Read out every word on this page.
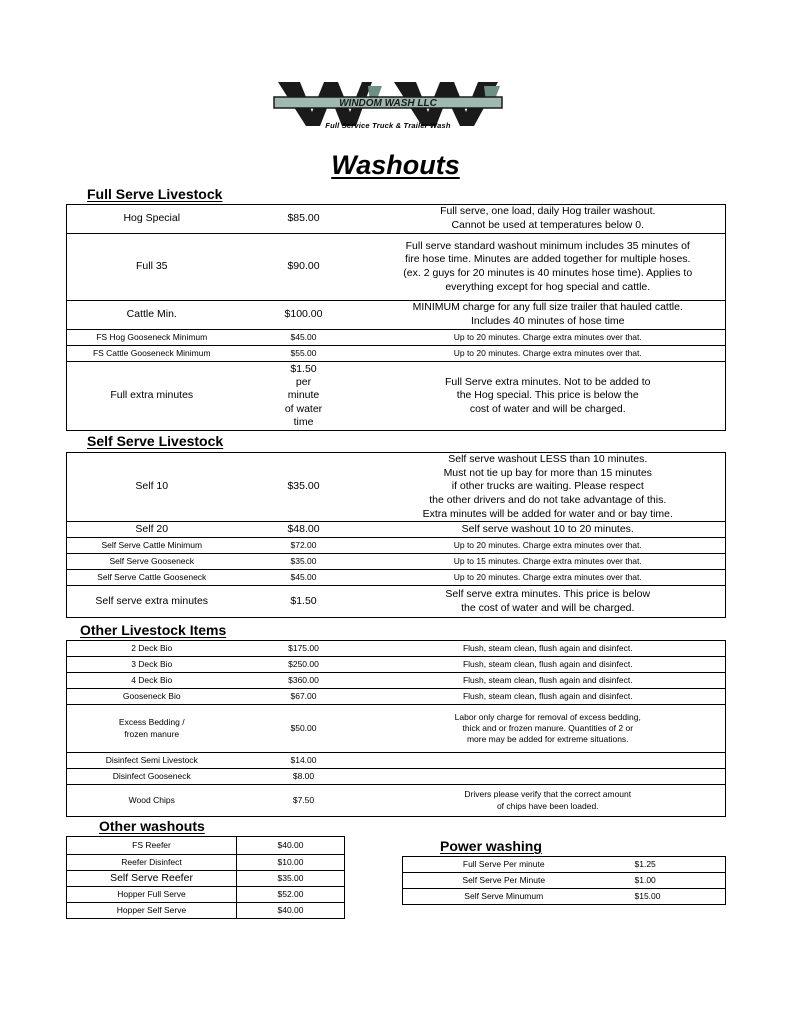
WINDOM WASH LLC
Full Service Truck & Trailer Wash
Washouts
Full Serve Livestock
Hog Special	$85.00	Full serve, one load, daily Hog trailer washout.
Cannot be used at temperatures below 0.
Full 35	$90.00	Full serve standard washout minimum includes 35 minutes of
fire hose time. Minutes are added together for multiple hoses.
(ex. 2 guys for 20 minutes is 40 minutes hose time). Applies to
everything except for hog special and cattle.
Cattle Min.	$100.00	MINIMUM charge for any full size trailer that hauled cattle.
Includes 40 minutes of hose time
FS Hog Gooseneck Minimum	$45.00	Up to 20 minutes. Charge extra minutes over that.
FS Cattle Gooseneck Minimum	$55.00	Up to 20 minutes. Charge extra minutes over that.
Full extra minutes	$1.50
per
minute
of water
time	Full Serve extra minutes. Not to be added to
the Hog special. This price is below the
cost of water and will be charged.
Self Serve Livestock
Self 10	$35.00	Self serve washout LESS than 10 minutes.
Must not tie up bay for more than 15 minutes
if other trucks are waiting. Please respect
the other drivers and do not take advantage of this.
Extra minutes will be added for water and or bay time.
Self 20	$48.00	Self serve washout 10 to 20 minutes.
Self Serve Cattle Minimum	$72.00	Up to 20 minutes. Charge extra minutes over that.
Self Serve Gooseneck	$35.00	Up to 15 minutes. Charge extra minutes over that.
Self Serve Cattle Gooseneck	$45.00	Up to 20 minutes. Charge extra minutes over that.
Self serve extra minutes	$1.50	Self serve extra minutes. This price is below
the cost of water and will be charged.
Other Livestock Items
2 Deck Bio	$175.00	Flush, steam clean, flush again and disinfect.
3 Deck Bio	$250.00	Flush, steam clean, flush again and disinfect.
4 Deck Bio	$360.00	Flush, steam clean, flush again and disinfect.
Gooseneck Bio	$67.00	Flush, steam clean, flush again and disinfect.
Excess Bedding /
frozen manure	$50.00	Labor only charge for removal of excess bedding,
thick and or frozen manure. Quantities of 2 or
more may be added for extreme situations.
Disinfect Semi Livestock	$14.00	
Disinfect Gooseneck	$8.00	
Wood Chips	$7.50	Drivers please verify that the correct amount
of chips have been loaded.
Other washouts
FS Reefer	$40.00
Reefer Disinfect	$10.00
Self Serve Reefer	$35.00
Hopper Full Serve	$52.00
Hopper Self Serve	$40.00
Power washing
Full Serve Per minute	$1.25
Self Serve Per Minute	$1.00
Self Serve Minumum	$15.00
